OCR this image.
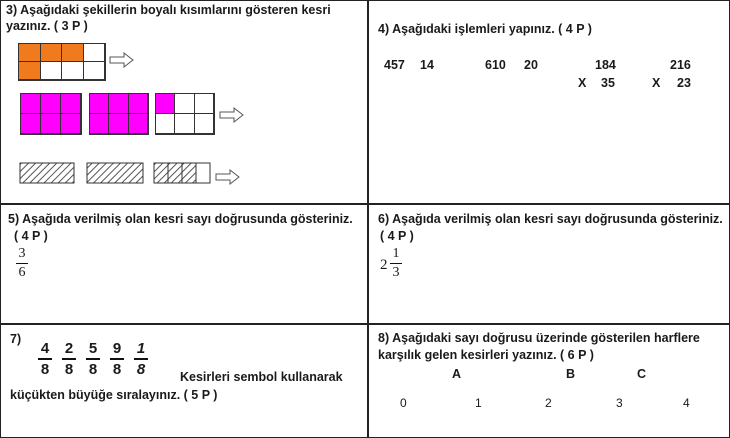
3) Aşağıdaki şekillerin boyalı kısımlarını gösteren kesri
yazınız. ( 3 P )	4) Aşağıdaki işlemleri yapınız. ( 4 P )
457 14	610 20	184
X 35
216
X 23
5) Aşağıda verilmiş olan kesri sayı doğrusunda gösteriniz.
( 4 P )
3
6
6) Aşağıda verilmiş olan kesri sayı doğrusunda gösteriniz.
( 4 P )
2
1
3
7)
4
8
2
8
5
8
9
8
1
8	Kesirleri sembol kullanarak
küçükten büyüğe sıralayınız. ( 5 P )
8) Aşağıdaki sayı doğrusu üzerinde gösterilen harflere
karşılık gelen kesirleri yazınız. ( 6 P )
A	B	C
0	1	2	3	4
